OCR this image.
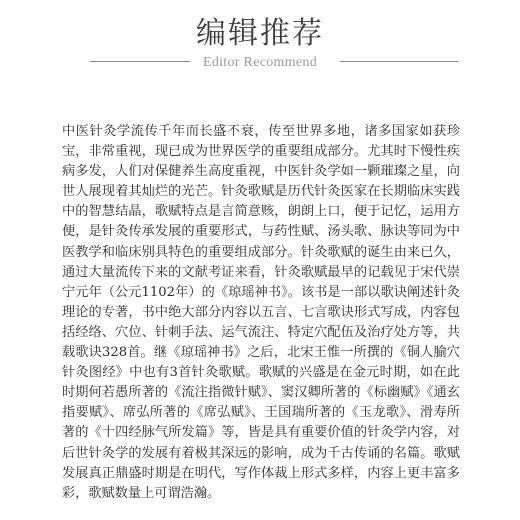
编辑推荐
Editor Recommend

中医针灸学流传千年而长盛不衰，传至世界多地，诸多国家如获珍宝，非常重视，现已成为世界医学的重要组成部分。尤其时下慢性疾病多发，人们对保健养生高度重视，中医针灸学如一颗璀璨之星，向世人展现着其灿烂的光芒。针灸歌赋是历代针灸医家在长期临床实践中的智慧结晶，歌赋特点是言简意赅，朗朗上口，便于记忆，运用方便，是针灸传承发展的重要形式，与药性赋、汤头歌、脉诀等同为中医教学和临床别具特色的重要组成部分。针灸歌赋的诞生由来已久，通过大量流传下来的文献考证来看，针灸歌赋最早的记载见于宋代崇宁元年（公元1102年）的《琼瑶神书》。该书是一部以歌诀阐述针灸理论的专著，书中绝大部分内容以五言、七言歌诀形式写成，内容包括经络、穴位、针刺手法、运气流注、特定穴配伍及治疗处方等，共载歌诀328首。继《琼瑶神书》之后，北宋王惟一所撰的《铜人腧穴针灸图经》中也有3首针灸歌赋。歌赋的兴盛是在金元时期，如在此时期何若愚所著的《流注指微针赋》、窦汉卿所著的《标幽赋》《通玄指要赋》、席弘所著的《席弘赋》、王国瑞所著的《玉龙歌》、滑寿所著的《十四经脉气所发篇》等，皆是具有重要价值的针灸学内容，对后世针灸学的发展有着极其深远的影响，成为千古传诵的名篇。歌赋发展真正鼎盛时期是在明代，写作体裁上形式多样，内容上更丰富多彩，歌赋数量上可谓浩瀚。
